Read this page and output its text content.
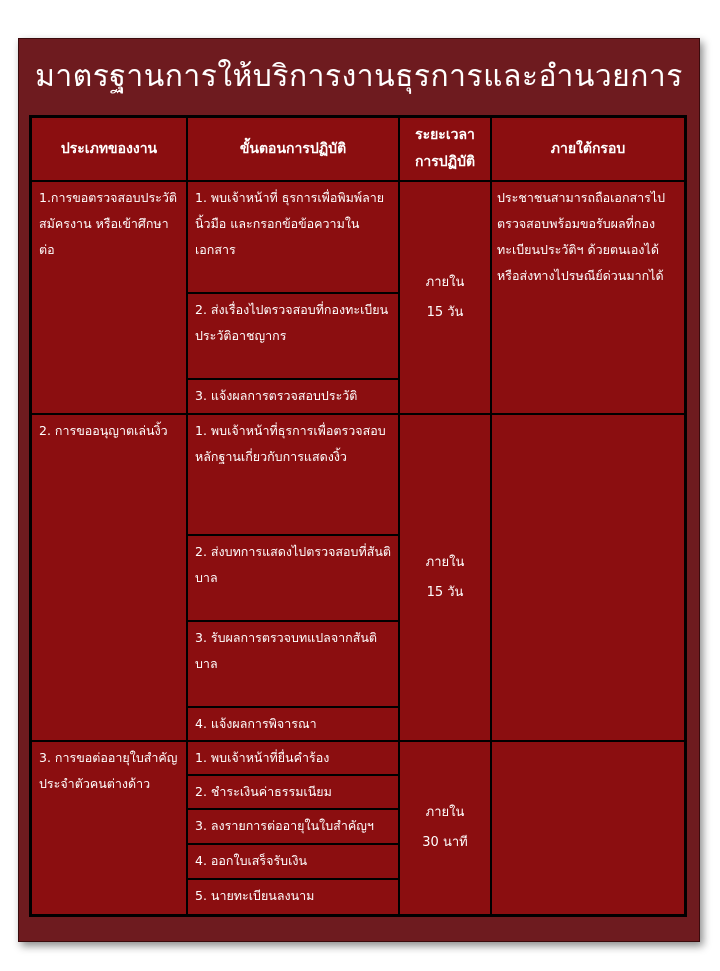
มาตรฐานการให้บริการงานธุรการและอำนวยการ
ประเภทของงาน	ขั้นตอนการปฏิบัติ
ระยะเวลา
การปฏิบัติ
ภายใต้กรอบ
1.การขอตรวจสอบประวัติสมัครงาน หรือเข้าศึกษาต่อ
1. พบเจ้าหน้าที่ ธุรการเพื่อพิมพ์ลายนิ้วมือ และกรอกข้อข้อความในเอกสาร
2. ส่งเรื่องไปตรวจสอบที่กองทะเบียน ประวัติอาชญากร
3. แจ้งผลการตรวจสอบประวัติ
ภายใน
15 วัน
ประชาชนสามารถถือเอกสารไปตรวจสอบพร้อมขอรับผลที่กองทะเบียนประวัติฯ ด้วยตนเองได้ หรือส่งทางไปรษณีย์ด่วนมากได้
2. การขออนุญาตเล่นงิ้ว	1. พบเจ้าหน้าที่ธุรการเพื่อตรวจสอบ หลักฐานเกี่ยวกับการแสดงงิ้ว
2. ส่งบทการแสดงไปตรวจสอบที่สันติบาล
3. รับผลการตรวจบทแปลจากสันติบาล
4. แจ้งผลการพิจารณา
ภายใน
15 วัน
3. การขอต่ออายุใบสำคัญประจำตัวคนต่างด้าว
1. พบเจ้าหน้าที่ยื่นคำร้อง
2. ชำระเงินค่าธรรมเนียม
3. ลงรายการต่ออายุในใบสำคัญฯ
4. ออกใบเสร็จรับเงิน
5. นายทะเบียนลงนาม
ภายใน
30 นาที
